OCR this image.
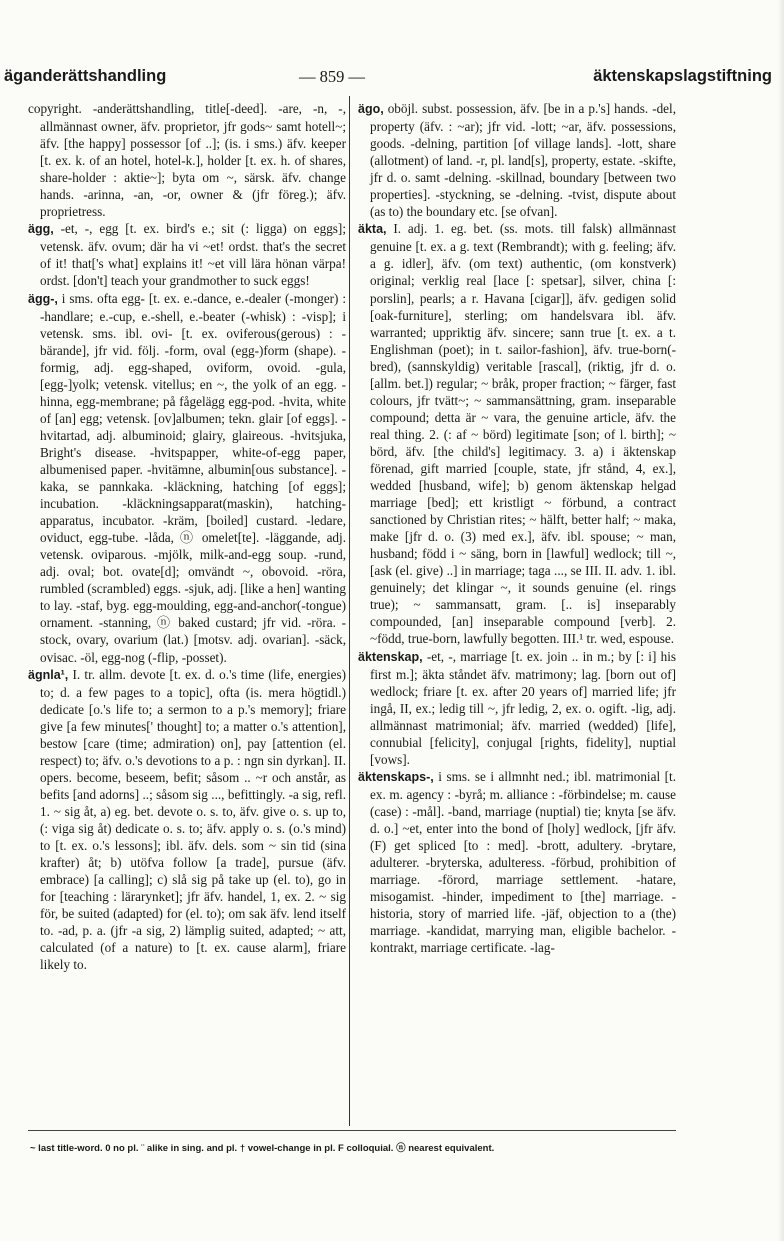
äganderättshandling	— 859 —	äktenskapslagstiftning

copyright. -anderättshandling, title[-deed]. -are, -n, -, allmännast owner, äfv. proprietor, jfr gods~ samt hotell~; äfv. [the happy] possessor [of ..]; (is. i sms.) äfv. keeper [t. ex. k. of an hotel, hotel-k.], holder [t. ex. h. of shares, share-holder : aktie~]; byta om ~, särsk. äfv. change hands. -arinna, -an, -or, owner & (jfr föreg.); äfv. proprietress.

ägg, -et, -, egg [t. ex. bird's e.; sit (: ligga) on eggs]; vetensk. äfv. ovum; där ha vi ~et! ordst. that's the secret of it! that['s what] explains it! ~et vill lära hönan värpa! ordst. [don't] teach your grandmother to suck eggs!

ägg-, i sms. ofta egg- [t. ex. e.-dance, e.-dealer (-monger) : -handlare; e.-cup, e.-shell, e.-beater (-whisk) : -visp]; i vetensk. sms. ibl. ovi- [t. ex. oviferous(gerous) : -bärande], jfr vid. följ. -form, oval (egg-)form (shape). -formig, adj. egg-shaped, oviform, ovoid. -gula, [egg-]yolk; vetensk. vitellus; en ~, the yolk of an egg. -hinna, egg-membrane; på fågelägg egg-pod. -hvita, white of [an] egg; vetensk. [ov]albumen; tekn. glair [of eggs]. -hvitartad, adj. albuminoid; glairy, glaireous. -hvitsjuka, Bright's disease. -hvitspapper, white-of-egg paper, albumenised paper. -hvitämne, albumin[ous substance]. -kaka, se pannkaka. -kläckning, hatching [of eggs]; incubation. -kläckningsapparat(maskin), hatching-apparatus, incubator. -kräm, [boiled] custard. -ledare, oviduct, egg-tube. -låda, ⓝ omelet[te]. -läggande, adj. vetensk. oviparous. -mjölk, milk-and-egg soup. -rund, adj. oval; bot. ovate[d]; omvändt ~, obovoid. -röra, rumbled (scrambled) eggs. -sjuk, adj. [like a hen] wanting to lay. -staf, byg. egg-moulding, egg-and-anchor(-tongue) ornament. -stanning, ⓝ baked custard; jfr vid. -röra. -stock, ovary, ovarium (lat.) [motsv. adj. ovarian]. -säck, ovisac. -öl, egg-nog (-flip, -posset).

ägnla¹, I. tr. allm. devote [t. ex. d. o.'s time (life, energies) to; d. a few pages to a topic], ofta (is. mera högtidl.) dedicate [o.'s life to; a sermon to a p.'s memory]; friare give [a few minutes[' thought] to; a matter o.'s attention], bestow [care (time; admiration) on], pay [attention (el. respect) to; äfv. o.'s devotions to a p. : ngn sin dyrkan]. II. opers. become, beseem, befit; såsom .. ~r och anstår, as befits [and adorns] ..; såsom sig ..., befittingly. -a sig, refl. 1. ~ sig åt, a) eg. bet. devote o. s. to, äfv. give o. s. up to, (: viga sig åt) dedicate o. s. to; äfv. apply o. s. (o.'s mind) to [t. ex. o.'s lessons]; ibl. äfv. dels. som ~ sin tid (sina krafter) åt; b) utöfva follow [a trade], pursue (äfv. embrace) [a calling]; c) slå sig på take up (el. to), go in for [teaching : lärarynket]; jfr äfv. handel, 1, ex. 2. ~ sig för, be suited (adapted) for (el. to); om sak äfv. lend itself to. -ad, p. a. (jfr -a sig, 2) lämplig suited, adapted; ~ att, calculated (of a nature) to [t. ex. cause alarm], friare likely to.

ägo, oböjl. subst. possession, äfv. [be in a p.'s] hands. -del, property (äfv. : ~ar); jfr vid. -lott; ~ar, äfv. possessions, goods. -delning, partition [of village lands]. -lott, share (allotment) of land. -r, pl. land[s], property, estate. -skifte, jfr d. o. samt -delning. -skillnad, boundary [between two properties]. -styckning, se -delning. -tvist, dispute about (as to) the boundary etc. [se ofvan].

äkta, I. adj. 1. eg. bet. (ss. mots. till falsk) allmännast genuine [t. ex. a g. text (Rembrandt); with g. feeling; äfv. a g. idler], äfv. (om text) authentic, (om konstverk) original; verklig real [lace [: spetsar], silver, china [: porslin], pearls; a r. Havana [cigar]], äfv. gedigen solid [oak-furniture], sterling; om handelsvara ibl. äfv. warranted; uppriktig äfv. sincere; sann true [t. ex. a t. Englishman (poet); in t. sailor-fashion], äfv. true-born(-bred), (sannskyldig) veritable [rascal], (riktig, jfr d. o. [allm. bet.]) regular; ~ bråk, proper fraction; ~ färger, fast colours, jfr tvätt~; ~ sammansättning, gram. inseparable compound; detta är ~ vara, the genuine article, äfv. the real thing. 2. (: af ~ börd) legitimate [son; of l. birth]; ~ börd, äfv. [the child's] legitimacy. 3. a) i äktenskap förenad, gift married [couple, state, jfr stånd, 4, ex.], wedded [husband, wife]; b) genom äktenskap helgad marriage [bed]; ett kristligt ~ förbund, a contract sanctioned by Christian rites; ~ hälft, better half; ~ maka, make [jfr d. o. (3) med ex.], äfv. ibl. spouse; ~ man, husband; född i ~ säng, born in [lawful] wedlock; till ~, [ask (el. give) ..] in marriage; taga ..., se III. II. adv. 1. ibl. genuinely; det klingar ~, it sounds genuine (el. rings true); ~ sammansatt, gram. [.. is] inseparably compounded, [an] inseparable compound [verb]. 2. ~född, true-born, lawfully begotten. III.¹ tr. wed, espouse.

äktenskap, -et, -, marriage [t. ex. join .. in m.; by [: i] his first m.]; äkta ståndet äfv. matrimony; lag. [born out of] wedlock; friare [t. ex. after 20 years of] married life; jfr ingå, II, ex.; ledig till ~, jfr ledig, 2, ex. o. ogift. -lig, adj. allmännast matrimonial; äfv. married (wedded) [life], connubial [felicity], conjugal [rights, fidelity], nuptial [vows].

äktenskaps-, i sms. se i allmnht ned.; ibl. matrimonial [t. ex. m. agency : -byrå; m. alliance : -förbindelse; m. cause (case) : -mål]. -band, marriage (nuptial) tie; knyta [se äfv. d. o.] ~et, enter into the bond of [holy] wedlock, [jfr äfv. (F) get spliced [to : med]. -brott, adultery. -brytare, adulterer. -bryterska, adulteress. -förbud, prohibition of marriage. -förord, marriage settlement. -hatare, misogamist. -hinder, impediment to [the] marriage. -historia, story of married life. -jäf, objection to a (the) marriage. -kandidat, marrying man, eligible bachelor. -kontrakt, marriage certificate. -lag-

~ last title-word. 0 no pl. ¨ alike in sing. and pl. † vowel-change in pl. F colloquial. ⓝ nearest equivalent.
